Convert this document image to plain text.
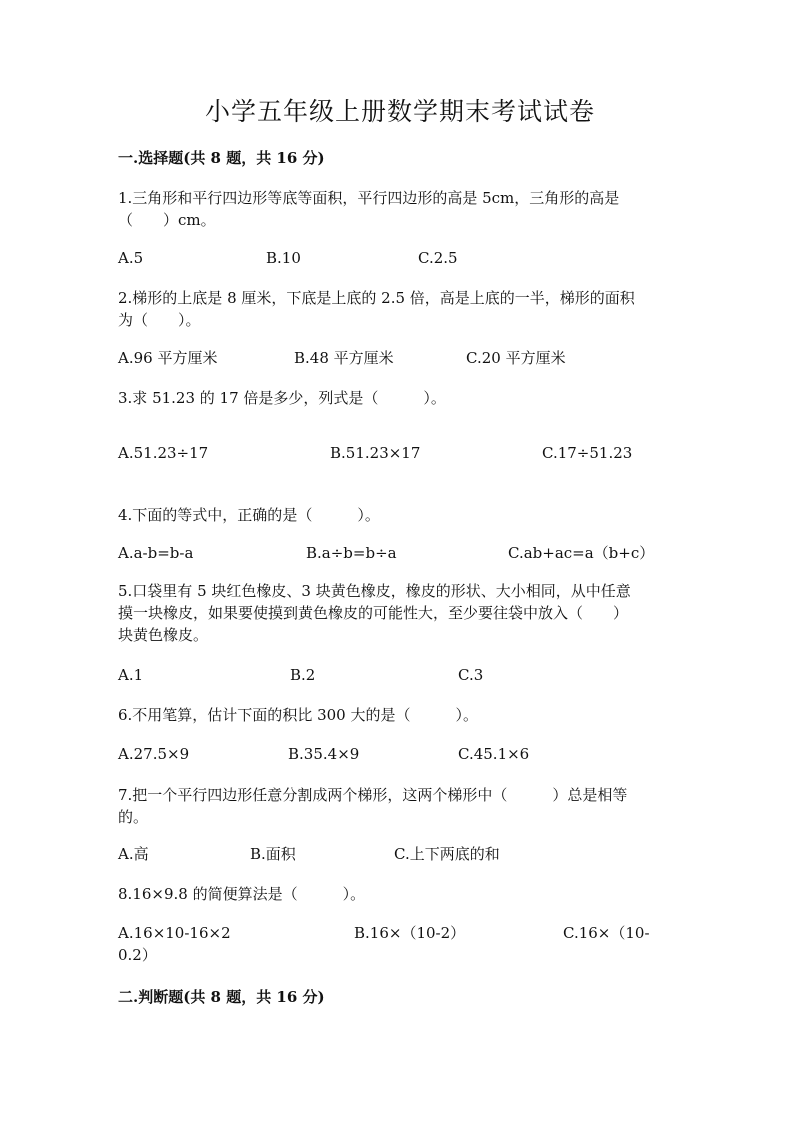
小学五年级上册数学期末考试试卷
一.选择题(共 8 题，共 16 分)
1.三角形和平行四边形等底等面积，平行四边形的高是 5cm，三角形的高是
（　　）cm。
A.5	B.10	C.2.5
2.梯形的上底是 8 厘米，下底是上底的 2.5 倍，高是上底的一半，梯形的面积
为（　　）。
A.96 平方厘米	B.48 平方厘米	C.20 平方厘米
3.求 51.23 的 17 倍是多少，列式是（　　　）。
A.51.23÷17	B.51.23×17	C.17÷51.23
4.下面的等式中，正确的是（　　　）。
A.a-b=b-a	B.a÷b=b÷a	C.ab+ac=a（b+c）
5.口袋里有 5 块红色橡皮、3 块黄色橡皮，橡皮的形状、大小相同，从中任意
摸一块橡皮，如果要使摸到黄色橡皮的可能性大，至少要往袋中放入（　　）
块黄色橡皮。
A.1	B.2	C.3
6.不用笔算，估计下面的积比 300 大的是（　　　）。
A.27.5×9	B.35.4×9	C.45.1×6
7.把一个平行四边形任意分割成两个梯形，这两个梯形中（　　　）总是相等
的。
A.高	B.面积	C.上下两底的和
8.16×9.8 的简便算法是（　　　）。
A.16×10-16×2	B.16×（10-2）	C.16×（10-
0.2）
二.判断题(共 8 题，共 16 分)
